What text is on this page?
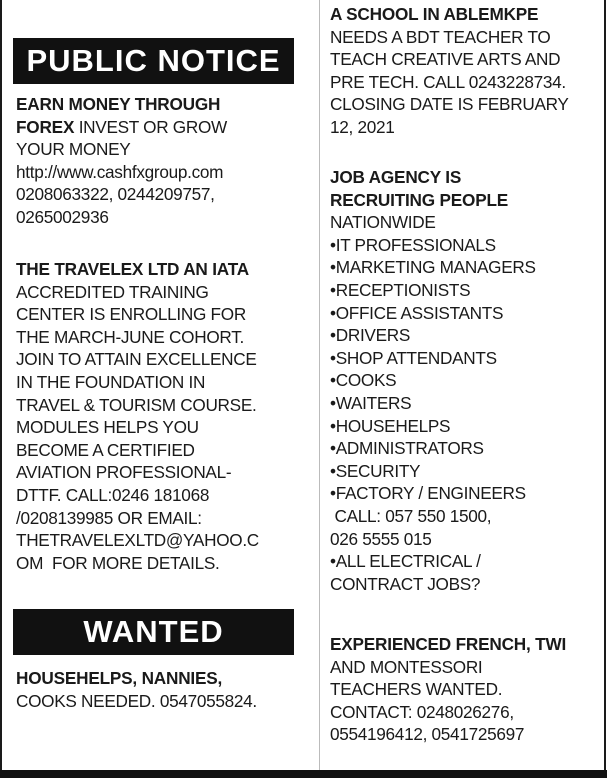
PUBLIC NOTICE
EARN MONEY THROUGH
FOREX INVEST OR GROW
YOUR MONEY
http://www.cashfxgroup.com
0208063322, 0244209757,
0265002936
THE TRAVELEX LTD AN IATA
ACCREDITED TRAINING
CENTER IS ENROLLING FOR
THE MARCH-JUNE COHORT.
JOIN TO ATTAIN EXCELLENCE
IN THE FOUNDATION IN
TRAVEL & TOURISM COURSE.
MODULES HELPS YOU
BECOME A CERTIFIED
AVIATION PROFESSIONAL-
DTTF. CALL:0246 181068
/0208139985 OR EMAIL:
THETRAVELEXLTD@YAHOO.C
OM  FOR MORE DETAILS.
WANTED
HOUSEHELPS, NANNIES,
COOKS NEEDED. 0547055824.
A SCHOOL IN ABLEMKPE
NEEDS A BDT TEACHER TO
TEACH CREATIVE ARTS AND
PRE TECH. CALL 0243228734.
CLOSING DATE IS FEBRUARY
12, 2021
JOB AGENCY IS
RECRUITING PEOPLE
NATIONWIDE
•IT PROFESSIONALS
•MARKETING MANAGERS
•RECEPTIONISTS
•OFFICE ASSISTANTS
•DRIVERS
•SHOP ATTENDANTS
•COOKS
•WAITERS
•HOUSEHELPS
•ADMINISTRATORS
•SECURITY
•FACTORY / ENGINEERS
CALL: 057 550 1500,
026 5555 015
•ALL ELECTRICAL /
CONTRACT JOBS?
EXPERIENCED FRENCH, TWI
AND MONTESSORI
TEACHERS WANTED.
CONTACT: 0248026276,
0554196412, 0541725697
